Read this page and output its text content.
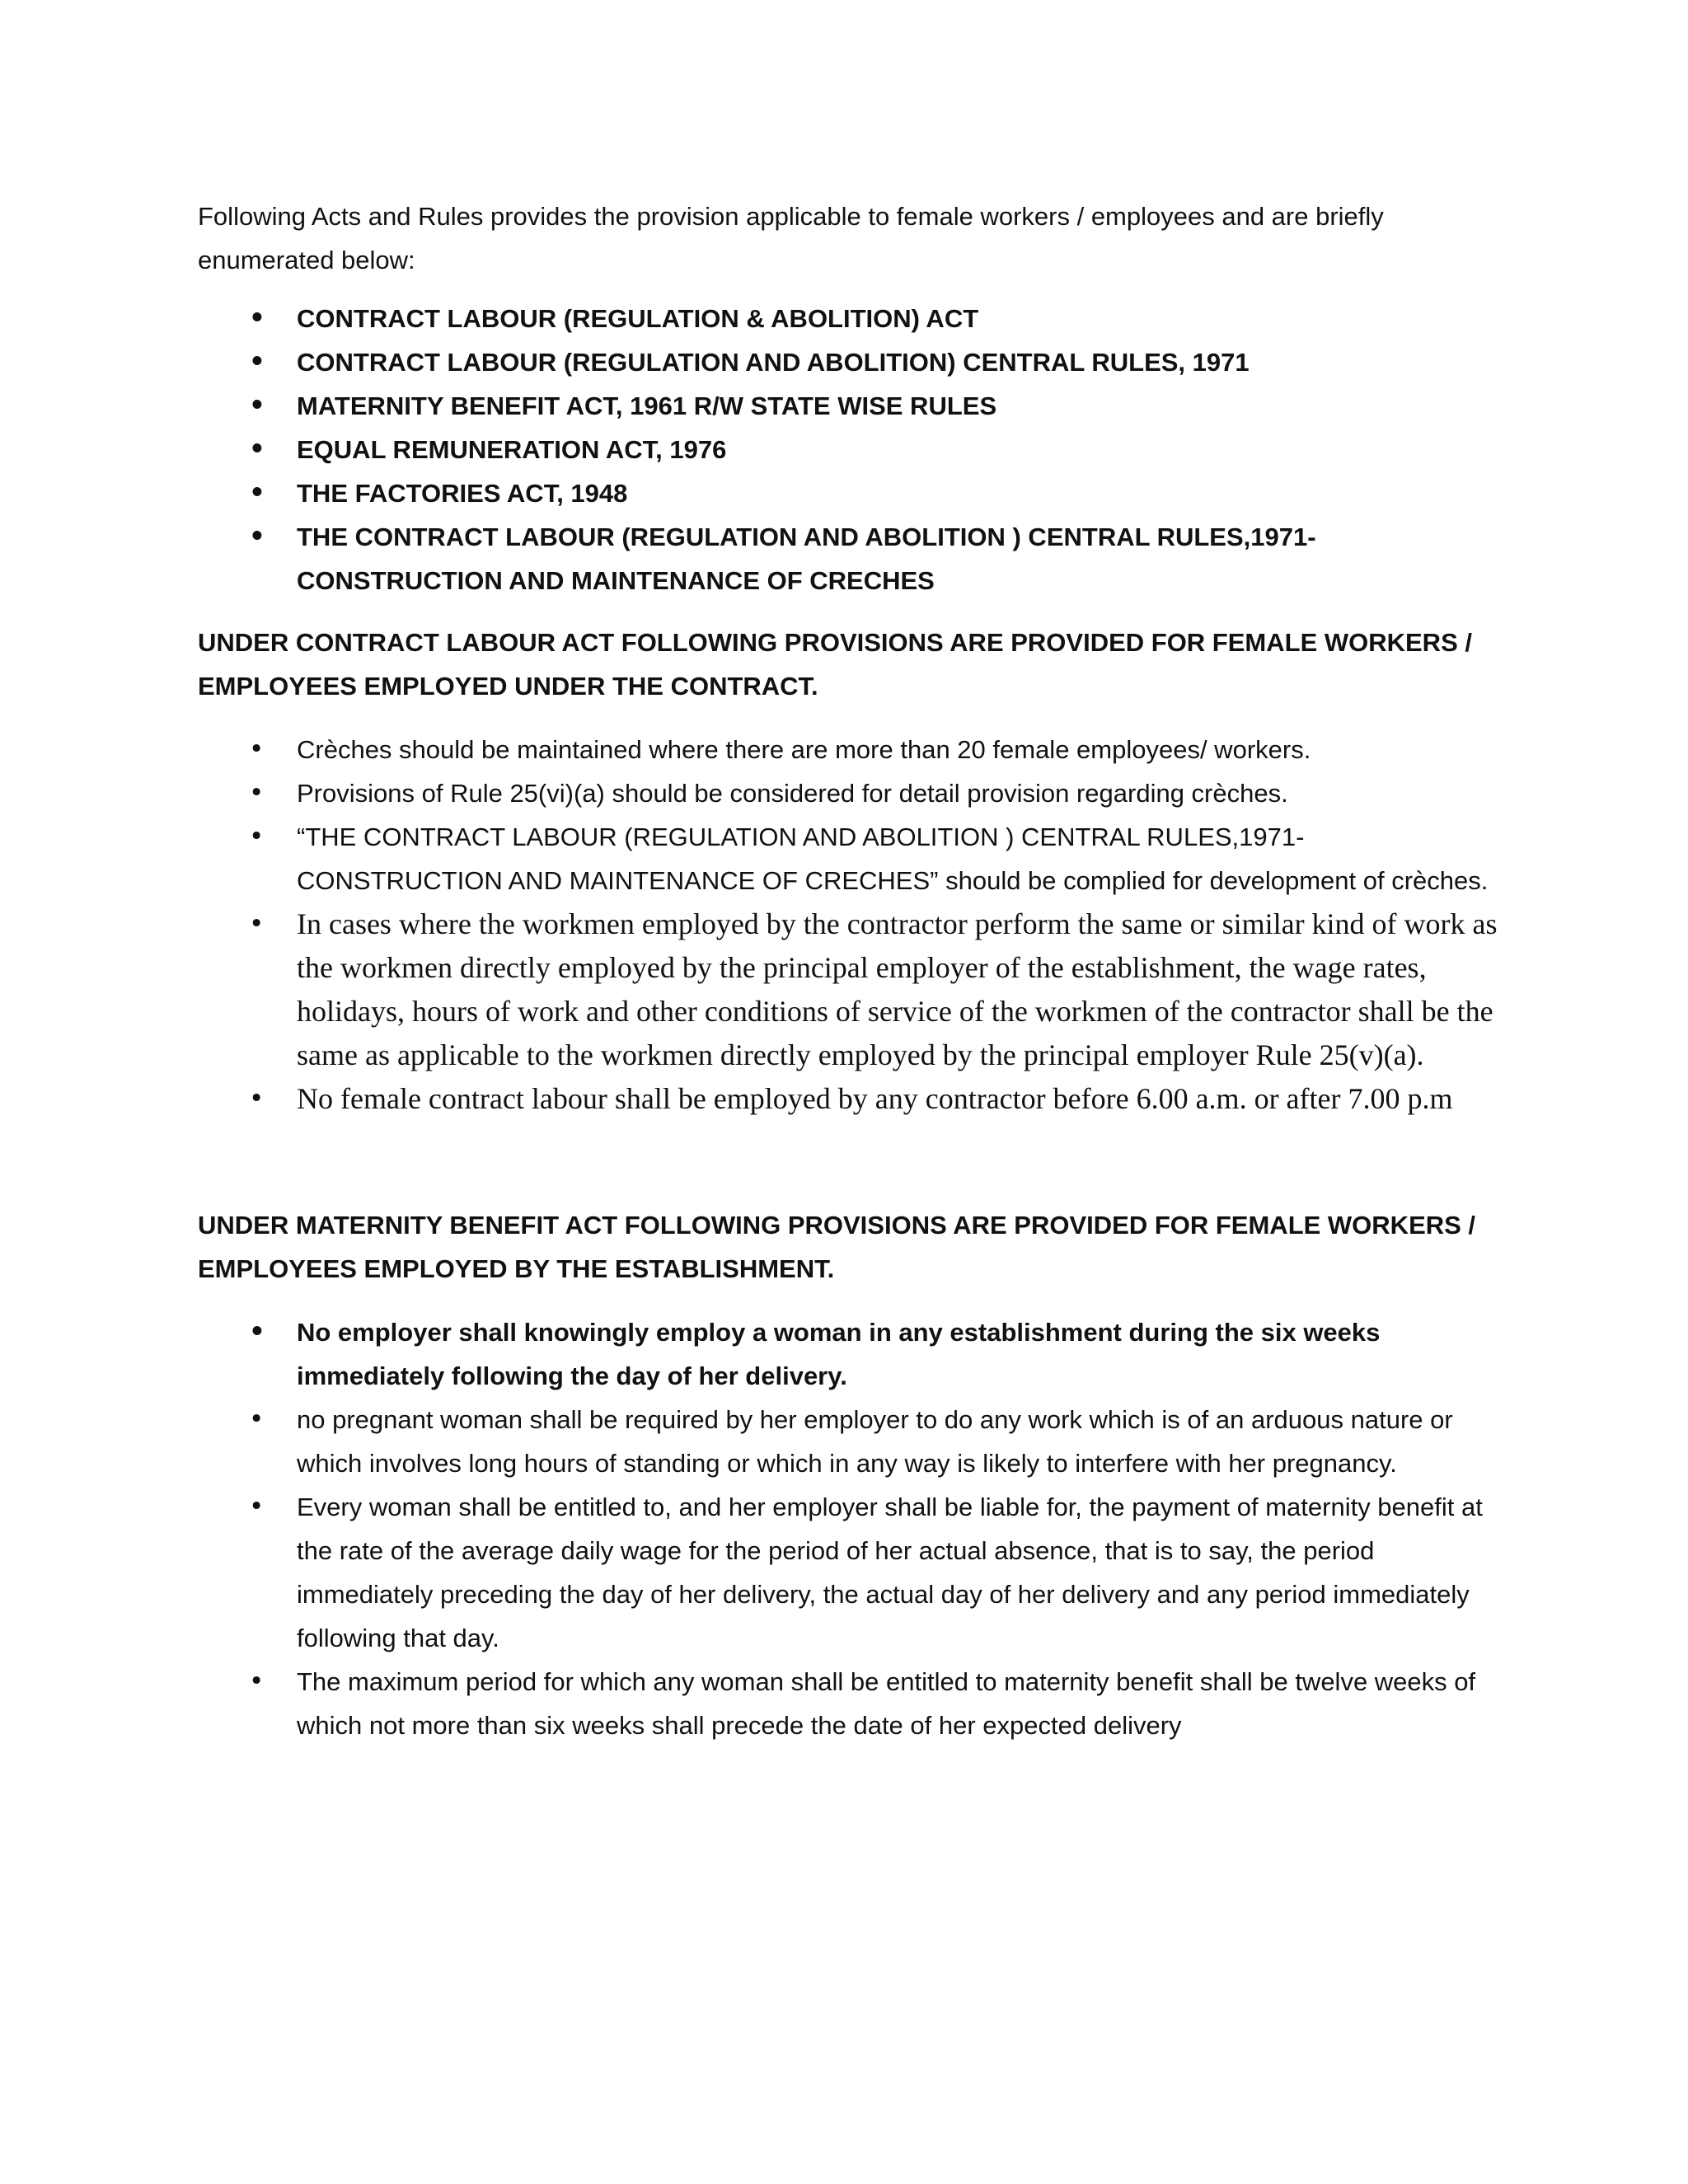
Following Acts and Rules provides the provision applicable to female workers / employees and are briefly enumerated below:

• CONTRACT LABOUR (REGULATION & ABOLITION) ACT
• CONTRACT LABOUR (REGULATION AND ABOLITION) CENTRAL RULES, 1971
• MATERNITY BENEFIT ACT, 1961 R/W STATE WISE RULES
• EQUAL REMUNERATION ACT, 1976
• THE FACTORIES ACT, 1948
• THE CONTRACT LABOUR (REGULATION AND ABOLITION ) CENTRAL RULES,1971- CONSTRUCTION AND MAINTENANCE OF CRECHES

UNDER CONTRACT LABOUR ACT FOLLOWING PROVISIONS ARE PROVIDED FOR FEMALE WORKERS / EMPLOYEES EMPLOYED UNDER THE CONTRACT.

• Crèches should be maintained where there are more than 20 female employees/ workers.
• Provisions of Rule 25(vi)(a) should be considered for detail provision regarding crèches.
• “THE CONTRACT LABOUR (REGULATION AND ABOLITION ) CENTRAL RULES,1971- CONSTRUCTION AND MAINTENANCE OF CRECHES” should be complied for development of crèches.
• In cases where the workmen employed by the contractor perform the same or similar kind of work as the workmen directly employed by the principal employer of the establishment, the wage rates, holidays, hours of work and other conditions of service of the workmen of the contractor shall be the same as applicable to the workmen directly employed by the principal employer Rule 25(v)(a).
• No female contract labour shall be employed by any contractor before 6.00 a.m. or after 7.00 p.m

UNDER MATERNITY BENEFIT ACT FOLLOWING PROVISIONS ARE PROVIDED FOR FEMALE WORKERS / EMPLOYEES EMPLOYED BY THE ESTABLISHMENT.

• No employer shall knowingly employ a woman in any establishment during the six weeks immediately following the day of her delivery.
• no pregnant woman shall be required by her employer to do any work which is of an arduous nature or which involves long hours of standing or which in any way is likely to interfere with her pregnancy.
• Every woman shall be entitled to, and her employer shall be liable for, the payment of maternity benefit at the rate of the average daily wage for the period of her actual absence, that is to say, the period immediately preceding the day of her delivery, the actual day of her delivery and any period immediately following that day.
• The maximum period for which any woman shall be entitled to maternity benefit shall be twelve weeks of which not more than six weeks shall precede the date of her expected delivery
